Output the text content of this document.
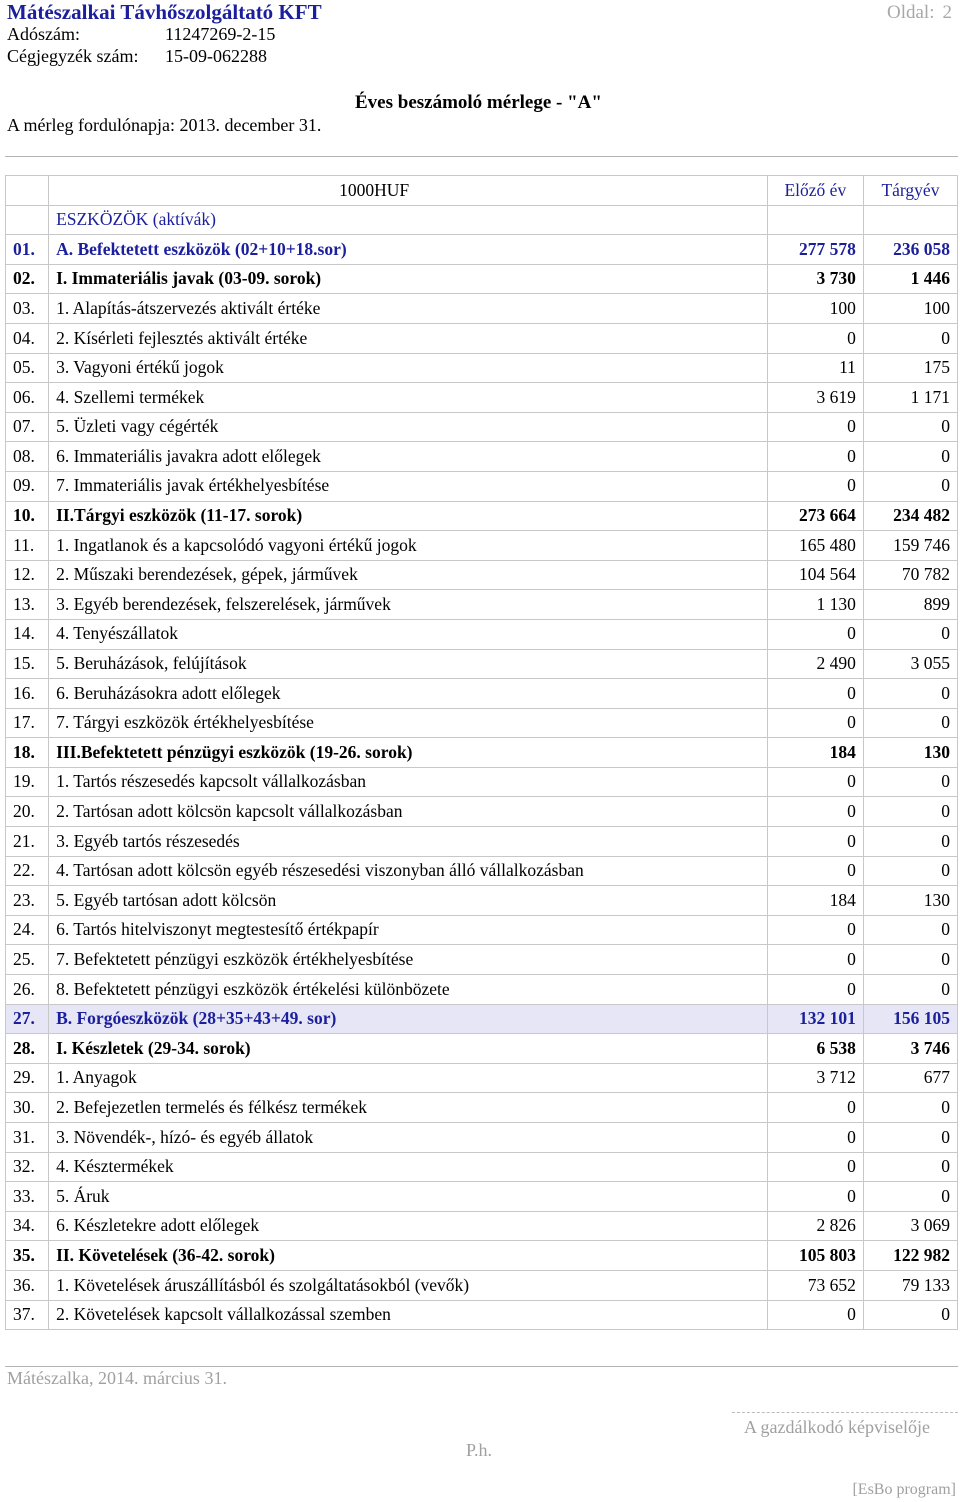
Mátészalkai Távhőszolgáltató KFT	Oldal: 2
Adószám:	11247269-2-15
Cégjegyzék szám: 15-09-062288
Éves beszámoló mérlege - "A"
A mérleg fordulónapja: 2013. december 31.
	1000HUF	Előző év	Tárgyév
	ESZKÖZÖK (aktívák)		
01.	A. Befektetett eszközök (02+10+18.sor)	277 578	236 058
02.	I. Immateriális javak (03-09. sorok)	3 730	1 446
03.	1. Alapítás-átszervezés aktivált értéke	100	100
04.	2. Kísérleti fejlesztés aktivált értéke	0	0
05.	3. Vagyoni értékű jogok	11	175
06.	4. Szellemi termékek	3 619	1 171
07.	5. Üzleti vagy cégérték	0	0
08.	6. Immateriális javakra adott előlegek	0	0
09.	7. Immateriális javak értékhelyesbítése	0	0
10.	II.Tárgyi eszközök (11-17. sorok)	273 664	234 482
11.	1. Ingatlanok és a kapcsolódó vagyoni értékű jogok	165 480	159 746
12.	2. Műszaki berendezések, gépek, járművek	104 564	70 782
13.	3. Egyéb berendezések, felszerelések, járművek	1 130	899
14.	4. Tenyészállatok	0	0
15.	5. Beruházások, felújítások	2 490	3 055
16.	6. Beruházásokra adott előlegek	0	0
17.	7. Tárgyi eszközök értékhelyesbítése	0	0
18.	III.Befektetett pénzügyi eszközök (19-26. sorok)	184	130
19.	1. Tartós részesedés kapcsolt vállalkozásban	0	0
20.	2. Tartósan adott kölcsön kapcsolt vállalkozásban	0	0
21.	3. Egyéb tartós részesedés	0	0
22.	4. Tartósan adott kölcsön egyéb részesedési viszonyban álló vállalkozásban	0	0
23.	5. Egyéb tartósan adott kölcsön	184	130
24.	6. Tartós hitelviszonyt megtestesítő értékpapír	0	0
25.	7. Befektetett pénzügyi eszközök értékhelyesbítése	0	0
26.	8. Befektetett pénzügyi eszközök értékelési különbözete	0	0
27.	B. Forgóeszközök (28+35+43+49. sor)	132 101	156 105
28.	I. Készletek (29-34. sorok)	6 538	3 746
29.	1. Anyagok	3 712	677
30.	2. Befejezetlen termelés és félkész termékek	0	0
31.	3. Növendék-, hízó- és egyéb állatok	0	0
32.	4. Késztermékek	0	0
33.	5. Áruk	0	0
34.	6. Készletekre adott előlegek	2 826	3 069
35.	II. Követelések (36-42. sorok)	105 803	122 982
36.	1. Követelések áruszállításból és szolgáltatásokból (vevők)	73 652	79 133
37.	2. Követelések kapcsolt vállalkozással szemben	0	0
Mátészalka, 2014. március 31.
A gazdálkodó képviselője
P.h.
[EsBo program]
